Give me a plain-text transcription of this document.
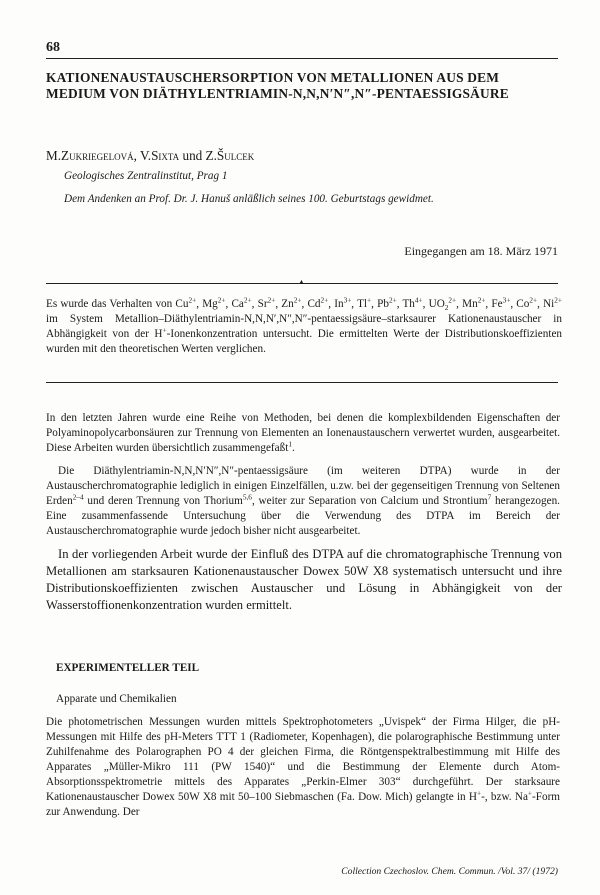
68
KATIONENAUSTAUSCHERSORPTION VON METALLIONEN AUS DEM MEDIUM VON DIÄTHYLENTRIAMIN-N,N,N′N″,N″-PENTAESSIGSÄURE
M.Zukriegelová, V.Sixta und Z.Šulcek
Geologisches Zentralinstitut, Prag 1
Dem Andenken an Prof. Dr. J. Hanuš anläßlich seines 100. Geburtstags gewidmet.
Eingegangen am 18. März 1971
▲
Es wurde das Verhalten von $Cu^{2+}$, $Mg^{2+}$, $Ca^{2+}$, $Sr^{2+}$, $Zn^{2+}$, $Cd^{2+}$, $In^{3+}$, Tl+, $Pb^{2+}$, $Th^{4+}$, $UO_2^{2+}$, $Mn^{2+}$, $Fe^{3+}$, $Co^{2+}$, $Ni^{2+}$ im System Metallion–Diäthylentriamin-N,N,N′,N″,N″-pentaessigsäure–starksaurer Kationenaustauscher in Abhängigkeit von der H+-Ionenkonzentration untersucht. Die ermittelten Werte der Distributionskoeffizienten wurden mit den theoretischen Werten verglichen.
In den letzten Jahren wurde eine Reihe von Methoden, bei denen die komplexbildenden Eigenschaften der Polyaminopolycarbonsäuren zur Trennung von Elementen an Ionenaustauschern verwertet wurden, ausgearbeitet. Diese Arbeiten wurden übersichtlich zusammengefaßt$^1$.
Die Diäthylentriamin-N,N,N′N″,N″-pentaessigsäure (im weiteren DTPA) wurde in der Austauscherchromatographie lediglich in einigen Einzelfällen, u.zw. bei der gegenseitigen Trennung von Seltenen Erden$^{2-4}$ und deren Trennung von Thorium$^{5,6}$, weiter zur Separation von Calcium und Strontium$^7$ herangezogen. Eine zusammenfassende Untersuchung über die Verwendung des DTPA im Bereich der Austauscherchromatographie wurde jedoch bisher nicht ausgearbeitet.
In der vorliegenden Arbeit wurde der Einfluß des DTPA auf die chromatographische Trennung von Metallionen am starksauren Kationenaustauscher Dowex 50W X8 systematisch untersucht und ihre Distributionskoeffizienten zwischen Austauscher und Lösung in Abhängigkeit von der Wasserstoffionenkonzentration wurden ermittelt.
EXPERIMENTELLER TEIL
Apparate und Chemikalien
Die photometrischen Messungen wurden mittels Spektrophotometers „Uvispek“ der Firma Hilger, die pH-Messungen mit Hilfe des pH-Meters TTT 1 (Radiometer, Kopenhagen), die polarographische Bestimmung unter Zuhilfenahme des Polarographen PO 4 der gleichen Firma, die Röntgenspektralbestimmung mit Hilfe des Apparates „Müller-Mikro 111 (PW 1540)“ und die Bestimmung der Elemente durch Atom-Absorptionsspektrometrie mittels des Apparates „Perkin-Elmer 303“ durchgeführt. Der starksaure Kationenaustauscher Dowex 50W X8 mit 50–100 Siebmaschen (Fa. Dow. Mich) gelangte in H+-, bzw. Na+-Form zur Anwendung. Der
Collection Czechoslov. Chem. Commun. /Vol. 37/ (1972)
